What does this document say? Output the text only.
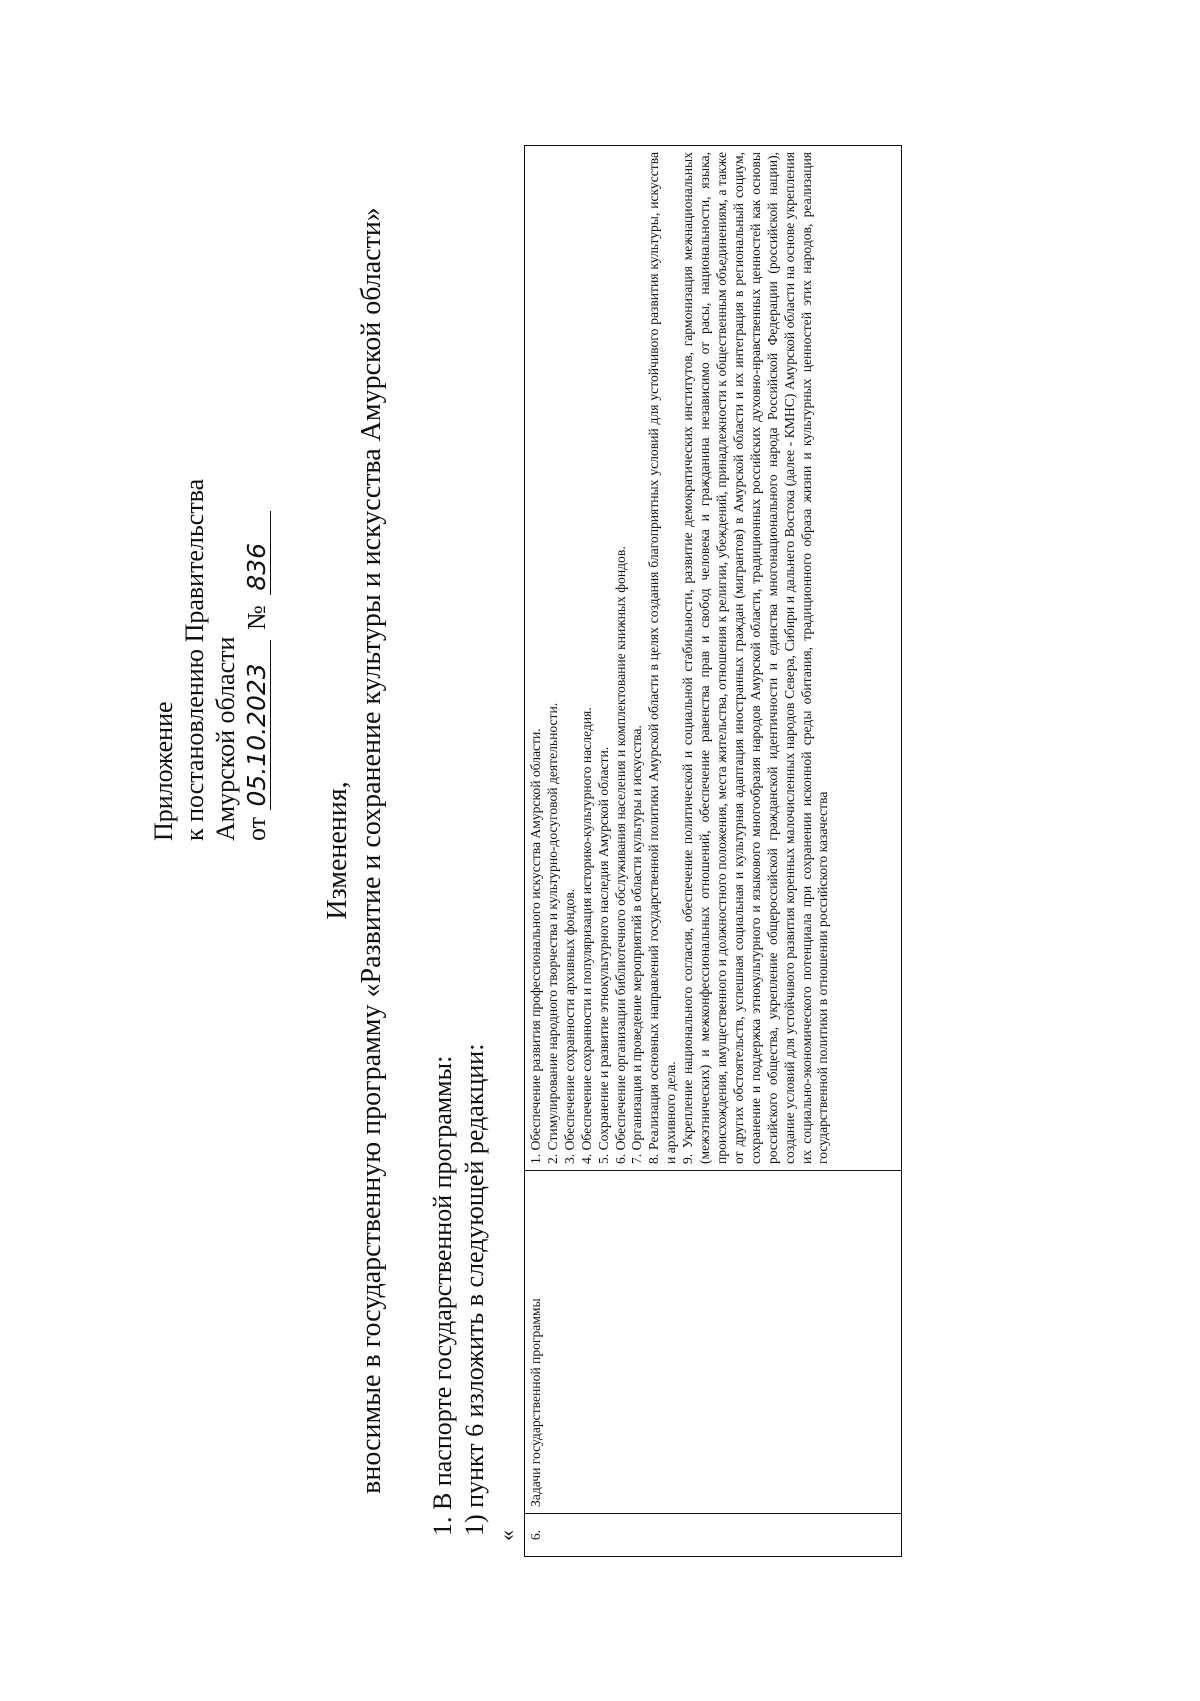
Приложение к постановлению Правительства Амурской области от 05.10.2023 № 836
Изменения, вносимые в государственную программу «Развитие и сохранение культуры и искусства Амурской области» 1. В паспорте государственной программы: 1) пункт 6 изложить в следующей редакции: « 6.	Задачи государственной программы	
1. Обеспечение развития профессионального искусства Амурской области. 2. Стимулирование народного творчества и культурно-досуговой деятельности. 3. Обеспечение сохранности архивных фондов. 4. Обеспечение сохранности и популяризация историко-культурного наследия. 5. Сохранение и развитие этнокультурного наследия Амурской области. 6. Обеспечение организации библиотечного обслуживания населения и комплектование книжных фондов. 7. Организация и проведение мероприятий в области культуры и искусства. 8. Реализация основных направлений государственной политики Амурской области в целях создания благоприятных условий для устойчивого развития культуры, искусства и архивного дела. 9. Укрепление национального согласия, обеспечение политической и социальной стабильности, развитие демократических институтов, гармонизация межнациональных (межэтнических) и межконфессиональных отношений, обеспечение равенства прав и свобод человека и гражданина независимо от расы, национальности, языка, происхождения, имущественного и должностного положения, места жительства, отношения к религии, убеждений, принадлежности к общественным объединениям, а также от других обстоятельств, успешная социальная и культурная адаптация иностранных граждан (мигрантов) в Амурской области и их интеграция в региональный социум, сохранение и поддержка этнокультурного и языкового многообразия народов Амурской области, традиционных российских духовно-нравственных ценностей как основы российского общества, укрепление общероссийской гражданской идентичности и единства многонационального народа Российской Федерации (российской нации), создание условий для устойчивого развития коренных малочисленных народов Севера, Сибири и дальнего Востока (далее - КМНС) Амурской области на основе укрепления их социально-экономического потенциала при сохранении исконной среды обитания, традиционного образа жизни и культурных ценностей этих народов, реализация государственной политики в отношении российского казачества
